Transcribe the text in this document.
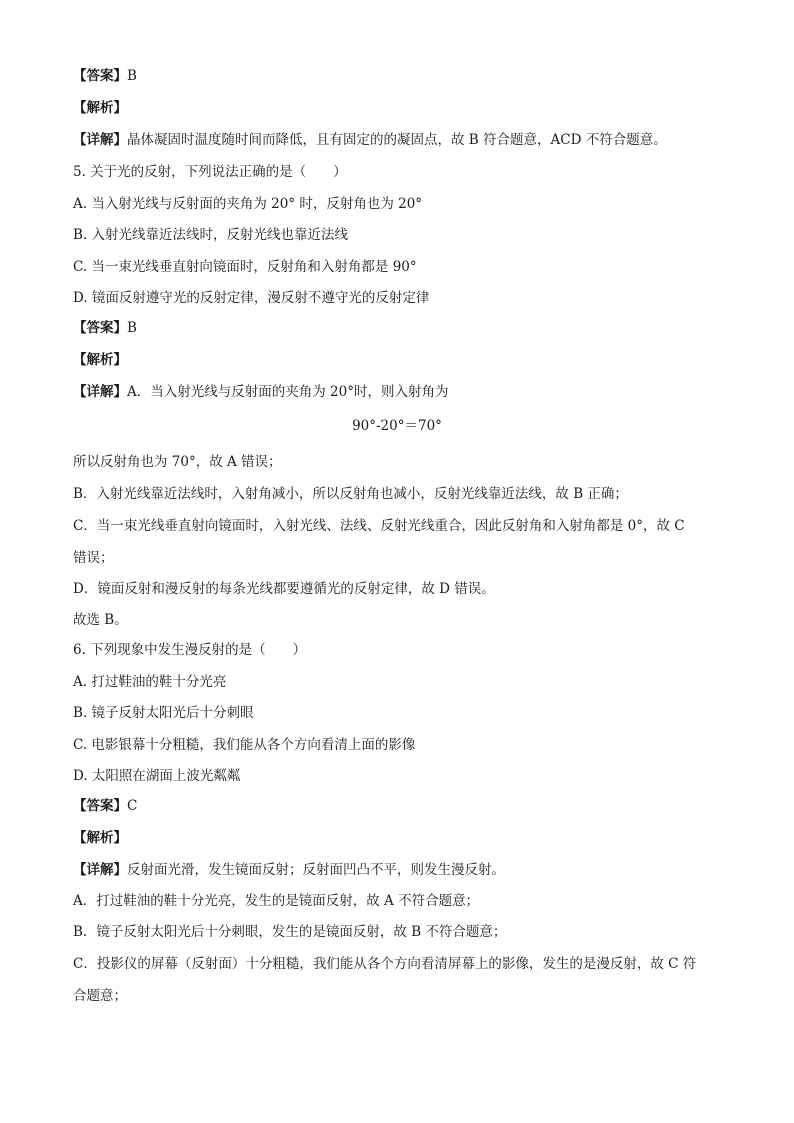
【答案】B
【解析】
【详解】晶体凝固时温度随时间而降低，且有固定的的凝固点，故 B 符合题意，ACD 不符合题意。
5. 关于光的反射，下列说法正确的是（　　）
A. 当入射光线与反射面的夹角为 20° 时，反射角也为 20°
B. 入射光线靠近法线时，反射光线也靠近法线
C. 当一束光线垂直射向镜面时，反射角和入射角都是 90°
D. 镜面反射遵守光的反射定律，漫反射不遵守光的反射定律
【答案】B
【解析】
【详解】A．当入射光线与反射面的夹角为 20°时，则入射角为
90°-20°＝70°
所以反射角也为 70°，故 A 错误；
B．入射光线靠近法线时，入射角减小，所以反射角也减小，反射光线靠近法线，故 B 正确；
C．当一束光线垂直射向镜面时，入射光线、法线、反射光线重合，因此反射角和入射角都是 0°，故 C
错误；
D．镜面反射和漫反射的每条光线都要遵循光的反射定律，故 D 错误。
故选 B。
6. 下列现象中发生漫反射的是（　　）
A. 打过鞋油的鞋十分光亮
B. 镜子反射太阳光后十分刺眼
C. 电影银幕十分粗糙，我们能从各个方向看清上面的影像
D. 太阳照在湖面上波光粼粼
【答案】C
【解析】
【详解】反射面光滑，发生镜面反射；反射面凹凸不平，则发生漫反射。
A．打过鞋油的鞋十分光亮，发生的是镜面反射，故 A 不符合题意；
B．镜子反射太阳光后十分刺眼，发生的是镜面反射，故 B 不符合题意；
C．投影仪的屏幕（反射面）十分粗糙，我们能从各个方向看清屏幕上的影像，发生的是漫反射，故 C 符
合题意；
